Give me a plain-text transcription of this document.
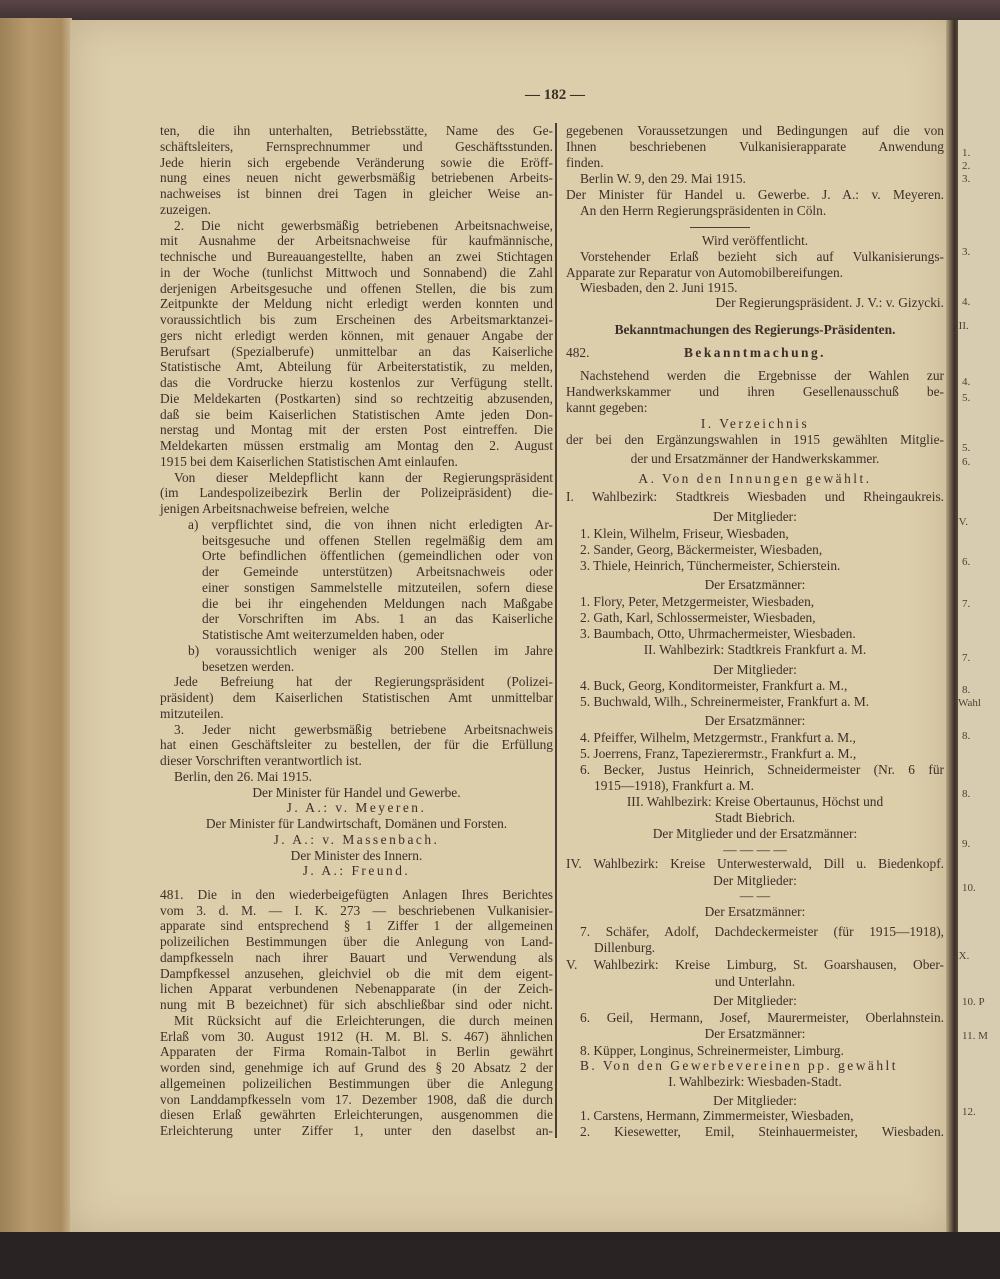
— 182 —
ten, die ihn unterhalten, Betriebsstätte, Name des Ge-
schäftsleiters, Fernsprechnummer und Geschäftsstunden.
Jede hierin sich ergebende Veränderung sowie die Eröff-
nung eines neuen nicht gewerbsmäßig betriebenen Arbeits-
nachweises ist binnen drei Tagen in gleicher Weise an-
zuzeigen.
2. Die nicht gewerbsmäßig betriebenen Arbeitsnachweise,
mit Ausnahme der Arbeitsnachweise für kaufmännische,
technische und Bureauangestellte, haben an zwei Stichtagen
in der Woche (tunlichst Mittwoch und Sonnabend) die Zahl
derjenigen Arbeitsgesuche und offenen Stellen, die bis zum
Zeitpunkte der Meldung nicht erledigt werden konnten und
voraussichtlich bis zum Erscheinen des Arbeitsmarktanzei-
gers nicht erledigt werden können, mit genauer Angabe der
Berufsart (Spezialberufe) unmittelbar an das Kaiserliche
Statistische Amt, Abteilung für Arbeiterstatistik, zu melden,
das die Vordrucke hierzu kostenlos zur Verfügung stellt.
Die Meldekarten (Postkarten) sind so rechtzeitig abzusenden,
daß sie beim Kaiserlichen Statistischen Amte jeden Don-
nerstag und Montag mit der ersten Post eintreffen. Die
Meldekarten müssen erstmalig am Montag den 2. August
1915 bei dem Kaiserlichen Statistischen Amt einlaufen.
Von dieser Meldepflicht kann der Regierungspräsident
(im Landespolizeibezirk Berlin der Polizeipräsident) die-
jenigen Arbeitsnachweise befreien, welche
a) verpflichtet sind, die von ihnen nicht erledigten Ar-
beitsgesuche und offenen Stellen regelmäßig dem am
Orte befindlichen öffentlichen (gemeindlichen oder von
der Gemeinde unterstützen) Arbeitsnachweis oder
einer sonstigen Sammelstelle mitzuteilen, sofern diese
die bei ihr eingehenden Meldungen nach Maßgabe
der Vorschriften im Abs. 1 an das Kaiserliche
Statistische Amt weiterzumelden haben, oder
b) voraussichtlich weniger als 200 Stellen im Jahre
besetzen werden.
Jede Befreiung hat der Regierungspräsident (Polizei-
präsident) dem Kaiserlichen Statistischen Amt unmittelbar
mitzuteilen.
3. Jeder nicht gewerbsmäßig betriebene Arbeitsnachweis
hat einen Geschäftsleiter zu bestellen, der für die Erfüllung
dieser Vorschriften verantwortlich ist.
Berlin, den 26. Mai 1915.
Der Minister für Handel und Gewerbe.
J. A.: v. Meyeren.
Der Minister für Landwirtschaft, Domänen und Forsten.
J. A.: v. Massenbach.
Der Minister des Innern.
J. A.: Freund.
481. Die in den wiederbeigefügten Anlagen Ihres Berichtes
vom 3. d. M. — I. K. 273 — beschriebenen Vulkanisier-
apparate sind entsprechend § 1 Ziffer 1 der allgemeinen
polizeilichen Bestimmungen über die Anlegung von Land-
dampfkesseln nach ihrer Bauart und Verwendung als
Dampfkessel anzusehen, gleichviel ob die mit dem eigent-
lichen Apparat verbundenen Nebenapparate (in der Zeich-
nung mit B bezeichnet) für sich abschließbar sind oder nicht.
Mit Rücksicht auf die Erleichterungen, die durch meinen
Erlaß vom 30. August 1912 (H. M. Bl. S. 467) ähnlichen
Apparaten der Firma Romain-Talbot in Berlin gewährt
worden sind, genehmige ich auf Grund des § 20 Absatz 2 der
allgemeinen polizeilichen Bestimmungen über die Anlegung
von Landdampfkesseln vom 17. Dezember 1908, daß die durch
diesen Erlaß gewährten Erleichterungen, ausgenommen die
Erleichterung unter Ziffer 1, unter den daselbst an-
gegebenen Voraussetzungen und Bedingungen auf die von
Ihnen beschriebenen Vulkanisierapparate Anwendung
finden.
Berlin W. 9, den 29. Mai 1915.
Der Minister für Handel u. Gewerbe. J. A.: v. Meyeren.
An den Herrn Regierungspräsidenten in Cöln.
Wird veröffentlicht.
Vorstehender Erlaß bezieht sich auf Vulkanisierungs-
Apparate zur Reparatur von Automobilbereifungen.
Wiesbaden, den 2. Juni 1915.
Der Regierungspräsident. J. V.: v. Gizycki.
Bekanntmachungen des Regierungs-Präsidenten.
482.	Bekanntmachung.
Nachstehend werden die Ergebnisse der Wahlen zur
Handwerkskammer und ihren Gesellenausschuß be-
kannt gegeben:
I. Verzeichnis
der bei den Ergänzungswahlen in 1915 gewählten Mitglie-
der und Ersatzmänner der Handwerkskammer.
A. Von den Innungen gewählt.
I. Wahlbezirk: Stadtkreis Wiesbaden und Rheingaukreis.
Der Mitglieder:
1. Klein, Wilhelm, Friseur, Wiesbaden,
2. Sander, Georg, Bäckermeister, Wiesbaden,
3. Thiele, Heinrich, Tünchermeister, Schierstein.
Der Ersatzmänner:
1. Flory, Peter, Metzgermeister, Wiesbaden,
2. Gath, Karl, Schlossermeister, Wiesbaden,
3. Baumbach, Otto, Uhrmachermeister, Wiesbaden.
II. Wahlbezirk: Stadtkreis Frankfurt a. M.
Der Mitglieder:
4. Buck, Georg, Konditormeister, Frankfurt a. M.,
5. Buchwald, Wilh., Schreinermeister, Frankfurt a. M.
Der Ersatzmänner:
4. Pfeiffer, Wilhelm, Metzgermstr., Frankfurt a. M.,
5. Joerrens, Franz, Tapezierermstr., Frankfurt a. M.,
6. Becker, Justus Heinrich, Schneidermeister (Nr. 6 für
1915—1918), Frankfurt a. M.
III. Wahlbezirk: Kreise Obertaunus, Höchst und
Stadt Biebrich.
Der Mitglieder und der Ersatzmänner:
— — — —
IV. Wahlbezirk: Kreise Unterwesterwald, Dill u. Biedenkopf.
Der Mitglieder:
— —
Der Ersatzmänner:
7. Schäfer, Adolf, Dachdeckermeister (für 1915—1918),
Dillenburg.
V. Wahlbezirk: Kreise Limburg, St. Goarshausen, Ober-
und Unterlahn.
Der Mitglieder:
6. Geil, Hermann, Josef, Maurermeister, Oberlahnstein.
Der Ersatzmänner:
8. Küpper, Longinus, Schreinermeister, Limburg.
B. Von den Gewerbevereinen pp. gewählt
I. Wahlbezirk: Wiesbaden-Stadt.
Der Mitglieder:
1. Carstens, Hermann, Zimmermeister, Wiesbaden,
2. Kiesewetter, Emil, Steinhauermeister, Wiesbaden.
1.
2.
3.
3.
4.
III.
4.
5.
5.
6.
IV.
6.
7.
7.
8.
Wahl
8.
8.
9.
10.
IX.
10. P
11. M
12.
